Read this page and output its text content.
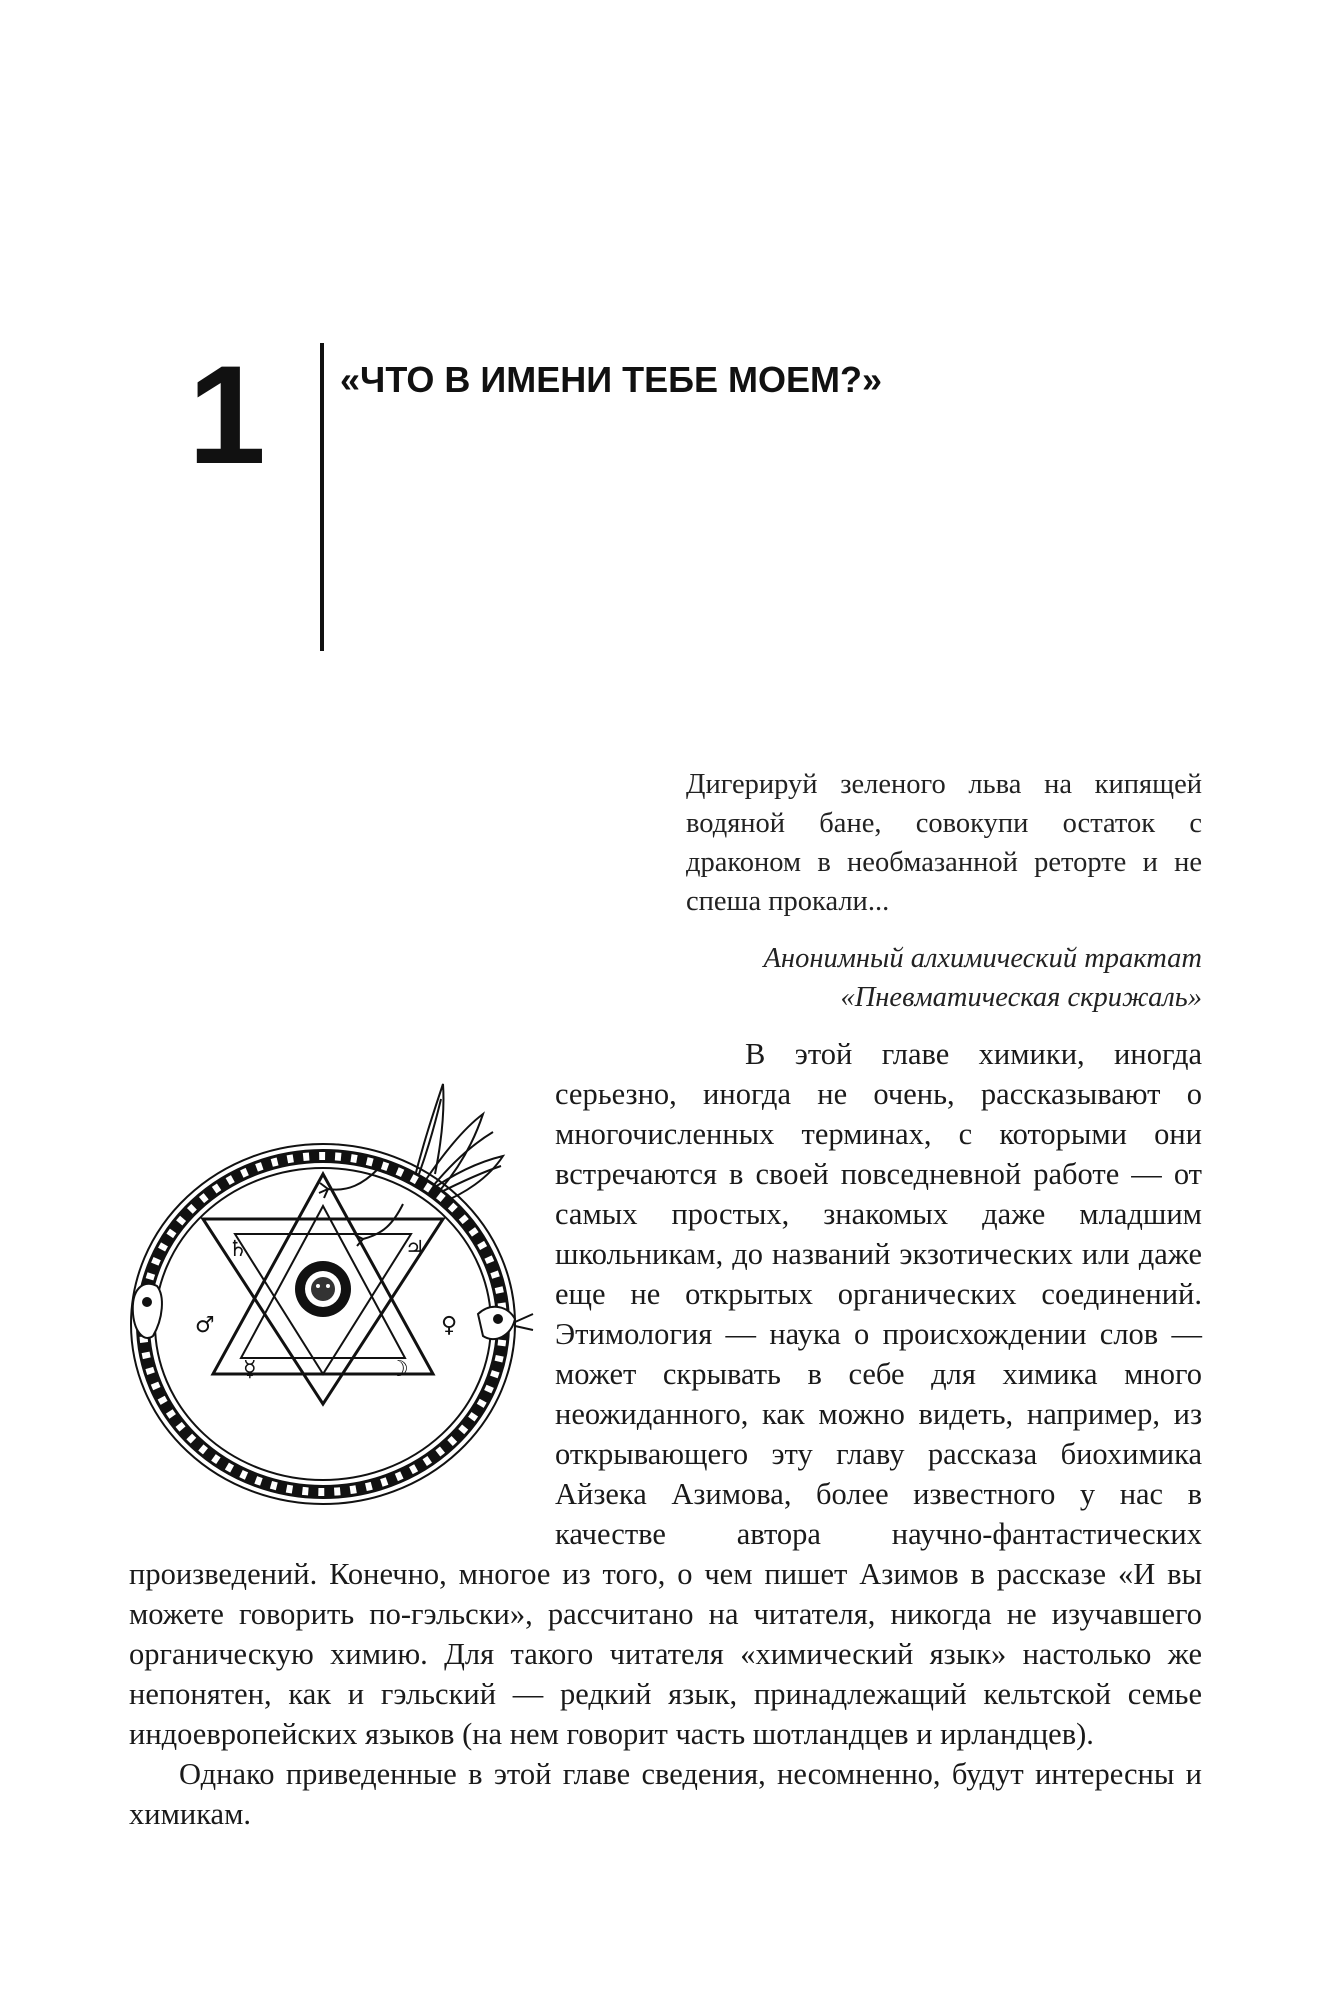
1 «ЧТО В ИМЕНИ ТЕБЕ МОЕМ?»

Дигерируй зеленого льва на кипящей водяной бане, совокупи остаток с драконом в необмазанной реторте и не спеша прокали...

Анонимный алхимический трактат
«Пневматическая скрижаль»
♄	♃
♂	♀
☿	☽

В этой главе химики, иногда серьезно, иногда не очень, рассказывают о многочисленных терминах, с которыми они встречаются в своей повседневной работе — от самых простых, знакомых даже младшим школьникам, до названий экзотических или даже еще не открытых органических соединений. Этимология — наука о происхождении слов — может скрывать в себе для химика много неожиданного, как можно видеть, например, из открывающего эту главу рассказа биохимика Айзека Азимова, более известного у нас в качестве автора научно-фантастических произведений. Конечно, многое из того, о чем пишет Азимов в рассказе «И вы можете говорить по-гэльски», рассчитано на читателя, никогда не изучавшего органическую химию. Для такого читателя «химический язык» настолько же непонятен, как и гэльский — редкий язык, принадлежащий кельтской семье индоевропейских языков (на нем говорит часть шотландцев и ирландцев).

Однако приведенные в этой главе сведения, несомненно, будут интересны и химикам.
